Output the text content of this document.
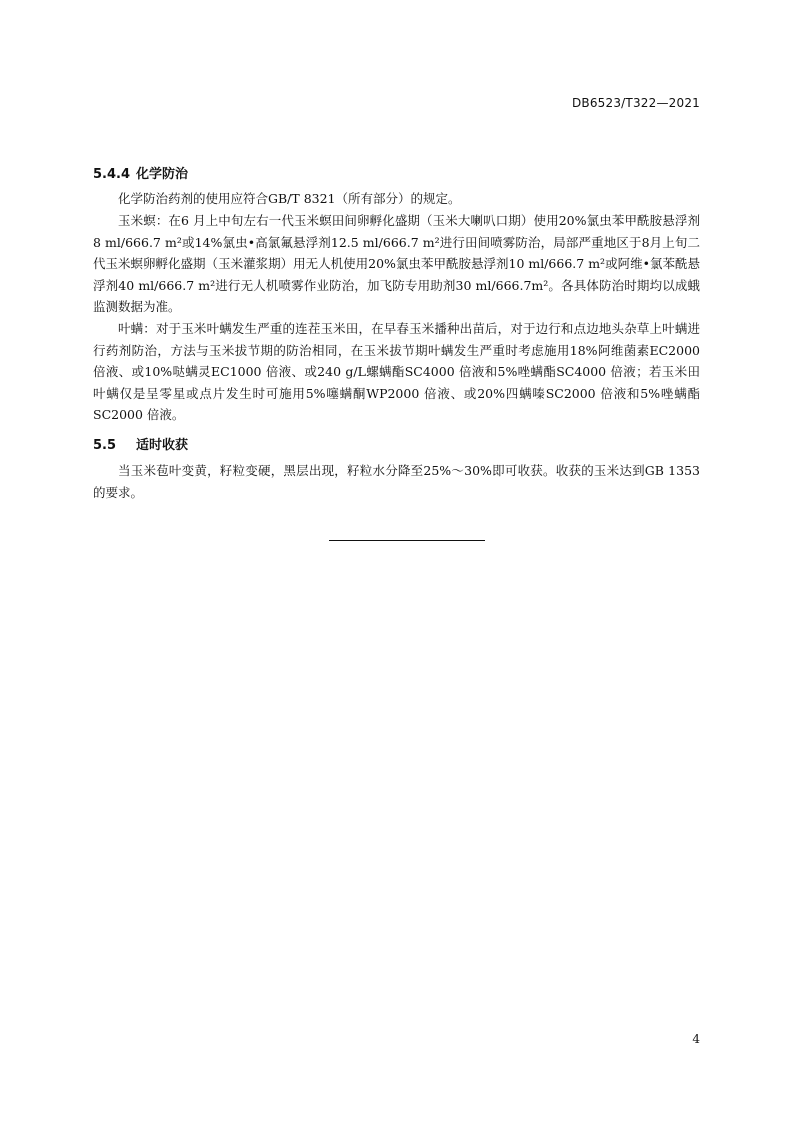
DB6523/T322—2021
5.4.4 化学防治

化学防治药剂的使用应符合GB/T 8321（所有部分）的规定。

玉米螟：在6 月上中旬左右一代玉米螟田间卵孵化盛期（玉米大喇叭口期）使用20%氯虫苯甲酰胺悬浮剂8 ml/666.7 m²或14%氯虫•高氯氟悬浮剂12.5 ml/666.7 m²进行田间喷雾防治，局部严重地区于8月上旬二代玉米螟卵孵化盛期（玉米灌浆期）用无人机使用20%氯虫苯甲酰胺悬浮剂10 ml/666.7 m²或阿维•氯苯酰悬浮剂40 ml/666.7 m²进行无人机喷雾作业防治，加飞防专用助剂30 ml/666.7m²。各具体防治时期均以成蛾监测数据为准。

叶螨：对于玉米叶螨发生严重的连茬玉米田，在早春玉米播种出苗后，对于边行和点边地头杂草上叶螨进行药剂防治，方法与玉米拔节期的防治相同，在玉米拔节期叶螨发生严重时考虑施用18%阿维菌素EC2000 倍液、或10%哒螨灵EC1000 倍液、或240 g/L螺螨酯SC4000 倍液和5%唑螨酯SC4000 倍液；若玉米田叶螨仅是呈零星或点片发生时可施用5%噻螨酮WP2000 倍液、或20%四螨嗪SC2000 倍液和5%唑螨酯SC2000 倍液。

5.5 适时收获

当玉米苞叶变黄，籽粒变硬，黑层出现，籽粒水分降至25%～30%即可收获。收获的玉米达到GB 1353的要求。

4
